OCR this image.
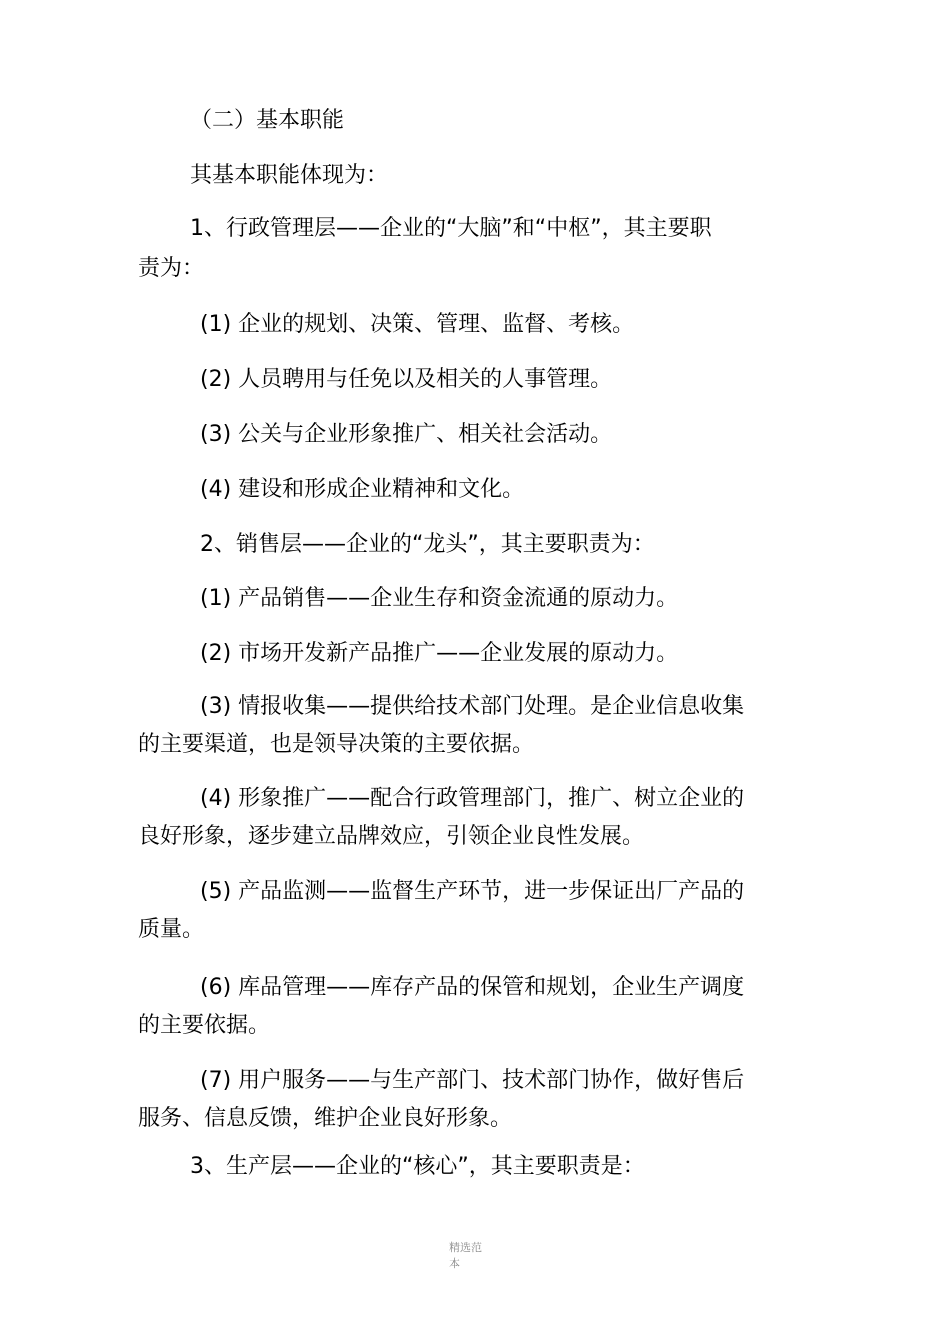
（二）基本职能

其基本职能体现为：

1、行政管理层——企业的“大脑”和“中枢”，其主要职

责为：

(1) 企业的规划、决策、管理、监督、考核。

(2) 人员聘用与任免以及相关的人事管理。

(3) 公关与企业形象推广、相关社会活动。

(4) 建设和形成企业精神和文化。

2、销售层——企业的“龙头”，其主要职责为：

(1) 产品销售——企业生存和资金流通的原动力。

(2) 市场开发新产品推广——企业发展的原动力。

(3) 情报收集——提供给技术部门处理。是企业信息收集

的主要渠道，也是领导决策的主要依据。

(4) 形象推广——配合行政管理部门，推广、树立企业的

良好形象，逐步建立品牌效应，引领企业良性发展。

(5) 产品监测——监督生产环节，进一步保证出厂产品的

质量。

(6) 库品管理——库存产品的保管和规划，企业生产调度

的主要依据。

(7) 用户服务——与生产部门、技术部门协作，做好售后

服务、信息反馈，维护企业良好形象。

3、生产层——企业的“核心”，其主要职责是：

精选范
本
